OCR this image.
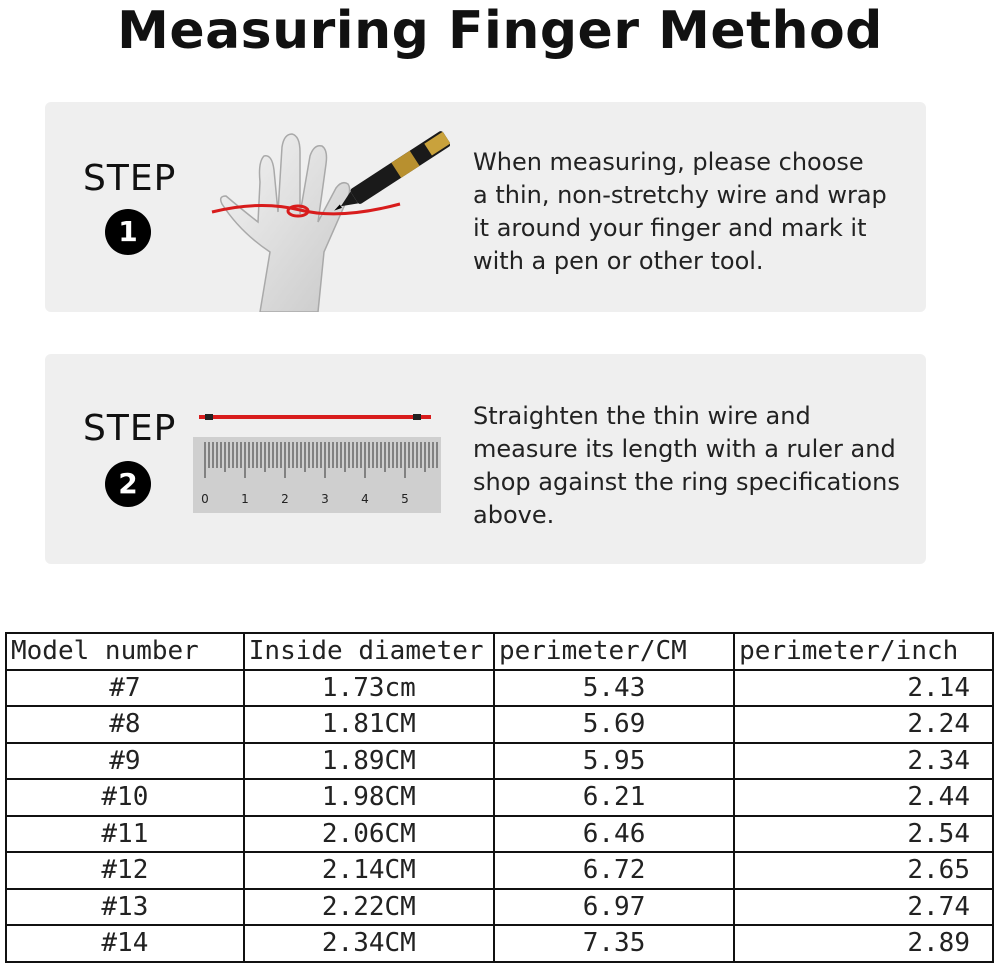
Measuring Finger Method
STEP
1
When measuring, please choose
a thin, non-stretchy wire and wrap
it around your finger and mark it
with a pen or other tool.
STEP
2	0	1	2	3	4	5
Straighten the thin wire and
measure its length with a ruler and
shop against the ring specifications
above.
Model number	Inside diameter	perimeter/CM	perimeter/inch
#7	1.73cm	5.43	2.14
#8	1.81CM	5.69	2.24
#9	1.89CM	5.95	2.34
#10	1.98CM	6.21	2.44
#11	2.06CM	6.46	2.54
#12	2.14CM	6.72	2.65
#13	2.22CM	6.97	2.74
#14	2.34CM	7.35	2.89
